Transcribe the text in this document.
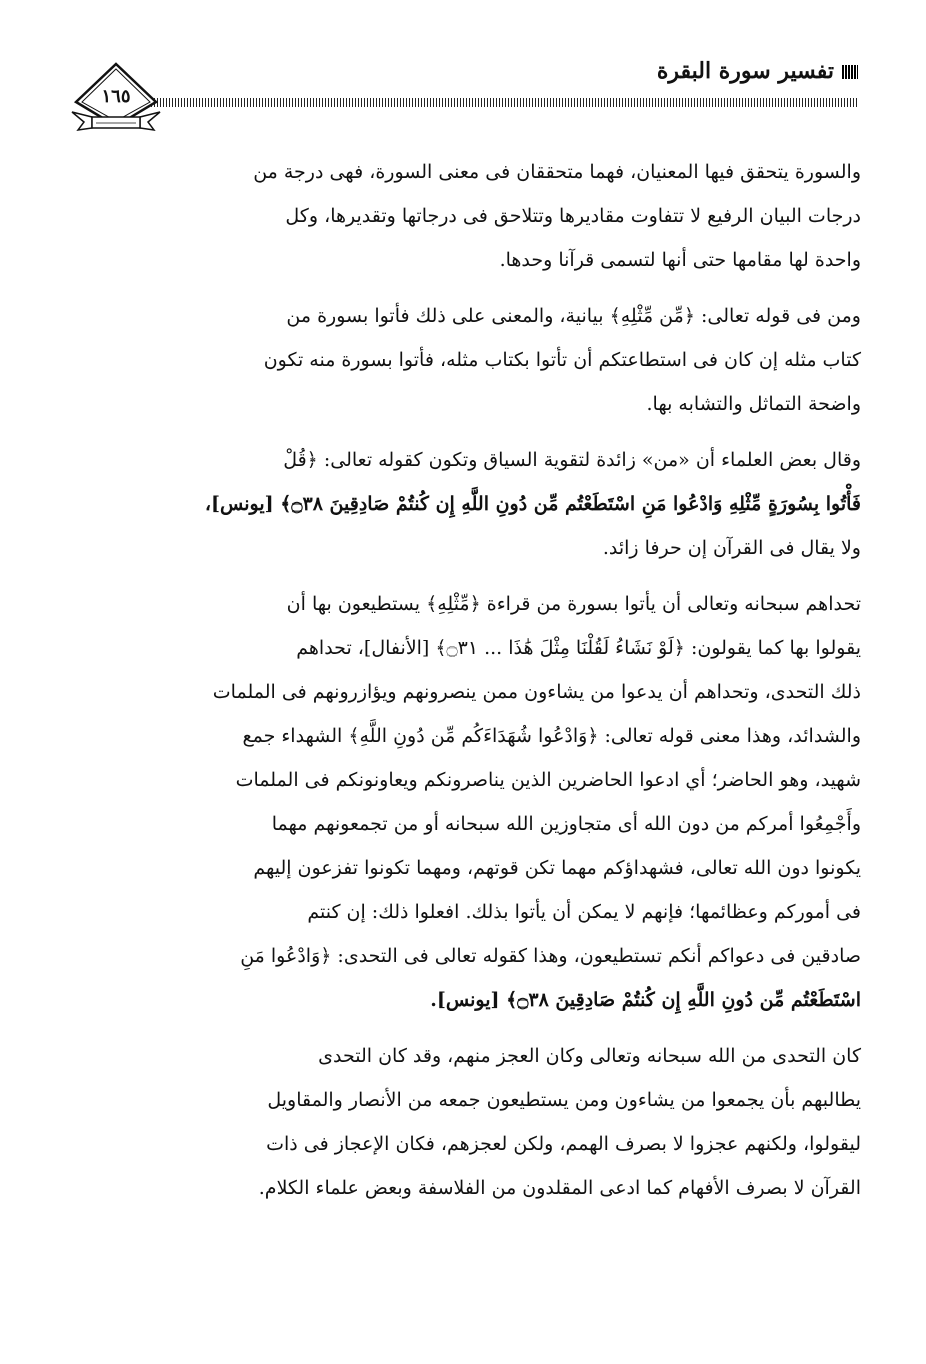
تفسير سورة البقرة
١٦٥

والسورة يتحقق فيها المعنيان، فهما متحققان فى معنى السورة، فهى درجة من
درجات البيان الرفيع لا تتفاوت مقاديرها وتتلاحق فى درجاتها وتقديرها، وكل
واحدة لها مقامها حتى أنها لتسمى قرآنا وحدها.

ومن فى قوله تعالى: ﴿مِّن مِّثْلِهِ﴾ بيانية، والمعنى على ذلك فأتوا بسورة من
كتاب مثله إن كان فى استطاعتكم أن تأتوا بكتاب مثله، فأتوا بسورة منه تكون
واضحة التماثل والتشابه بها.

وقال بعض العلماء أن «من» زائدة لتقوية السياق وتكون كقوله تعالى: ﴿قُلْ
فَأْتُوا بِسُورَةٍ مِّثْلِهِ وَادْعُوا مَنِ اسْتَطَعْتُم مِّن دُونِ اللَّهِ إِن كُنتُمْ صَادِقِينَ ۝٣٨﴾ [يونس]،
ولا يقال فى القرآن إن حرفا زائد.

تحداهم سبحانه وتعالى أن يأتوا بسورة من قراءة ﴿مِّثْلِهِ﴾ يستطيعون بها أن
يقولوا بها كما يقولون: ﴿لَوْ نَشَاءُ لَقُلْنَا مِثْلَ هَٰذَا ... ۝٣١﴾ [الأنفال]، تحداهم
ذلك التحدى، وتحداهم أن يدعوا من يشاءون ممن ينصرونهم ويؤازرونهم فى الملمات
والشدائد، وهذا معنى قوله تعالى: ﴿وَادْعُوا شُهَدَاءَكُم مِّن دُونِ اللَّهِ﴾ الشهداء جمع
شهيد، وهو الحاضر؛ أي ادعوا الحاضرين الذين يناصرونكم ويعاونونكم فى الملمات
وأَجْمِعُوا أمركم من دون الله أى متجاوزين الله سبحانه أو من تجمعونهم مهما
يكونوا دون الله تعالى، فشهداؤكم مهما تكن قوتهم، ومهما تكونوا تفزعون إليهم
فى أموركم وعظائمها؛ فإنهم لا يمكن أن يأتوا بذلك. افعلوا ذلك: إن كنتم
صادقين فى دعواكم أنكم تستطيعون، وهذا كقوله تعالى فى التحدى: ﴿وَادْعُوا مَنِ
اسْتَطَعْتُم مِّن دُونِ اللَّهِ إِن كُنتُمْ صَادِقِينَ ۝٣٨﴾ [يونس].

كان التحدى من الله سبحانه وتعالى وكان العجز منهم، وقد كان التحدى
يطالبهم بأن يجمعوا من يشاءون ومن يستطيعون جمعه من الأنصار والمقاويل
ليقولوا، ولكنهم عجزوا لا بصرف الهمم، ولكن لعجزهم، فكان الإعجاز فى ذات
القرآن لا بصرف الأفهام كما ادعى المقلدون من الفلاسفة وبعض علماء الكلام.
